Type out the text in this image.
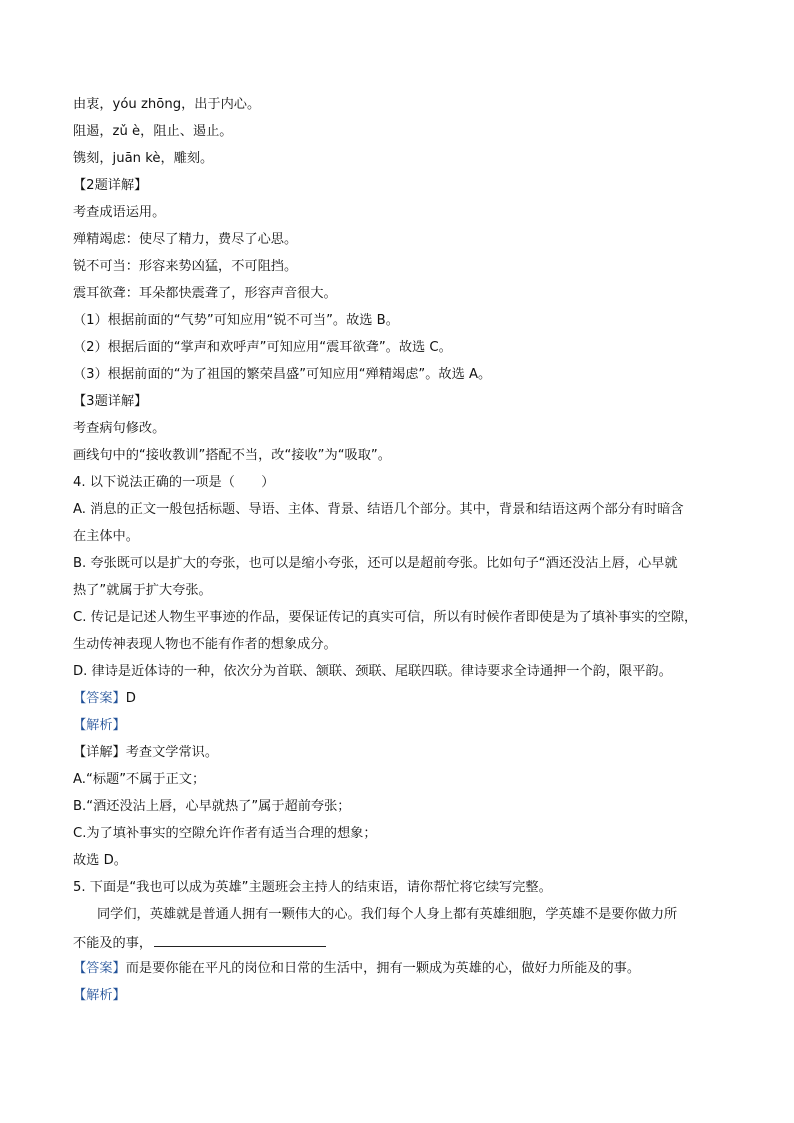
由衷，yóu zhōng，出于内心。
阻遏，zǔ è，阻止、遏止。
镌刻，juān kè，雕刻。
【2题详解】
考查成语运用。
殚精竭虑：使尽了精力，费尽了心思。
锐不可当：形容来势凶猛，不可阻挡。
震耳欲聋：耳朵都快震聋了，形容声音很大。
（1）根据前面的“气势”可知应用“锐不可当”。故选 B。
（2）根据后面的“掌声和欢呼声”可知应用“震耳欲聋”。故选 C。
（3）根据前面的“为了祖国的繁荣昌盛”可知应用“殚精竭虑”。故选 A。
【3题详解】
考查病句修改。
画线句中的“接收教训”搭配不当，改“接收”为“吸取”。
4. 以下说法正确的一项是（　　）
A. 消息的正文一般包括标题、导语、主体、背景、结语几个部分。其中，背景和结语这两个部分有时暗含
在主体中。
B. 夸张既可以是扩大的夸张，也可以是缩小夸张，还可以是超前夸张。比如句子“酒还没沾上唇，心早就
热了”就属于扩大夸张。
C. 传记是记述人物生平事迹的作品，要保证传记的真实可信，所以有时候作者即使是为了填补事实的空隙，
生动传神表现人物也不能有作者的想象成分。
D. 律诗是近体诗的一种，依次分为首联、颔联、颈联、尾联四联。律诗要求全诗通押一个韵，限平韵。
【答案】D
【解析】
【详解】考查文学常识。
A.“标题”不属于正文；
B.“酒还没沾上唇，心早就热了”属于超前夸张；
C.为了填补事实的空隙允许作者有适当合理的想象；
故选 D。
5. 下面是“我也可以成为英雄”主题班会主持人的结束语，请你帮忙将它续写完整。
同学们，英雄就是普通人拥有一颗伟大的心。我们每个人身上都有英雄细胞，学英雄不是要你做力所
不能及的事，
【答案】而是要你能在平凡的岗位和日常的生活中，拥有一颗成为英雄的心，做好力所能及的事。
【解析】
